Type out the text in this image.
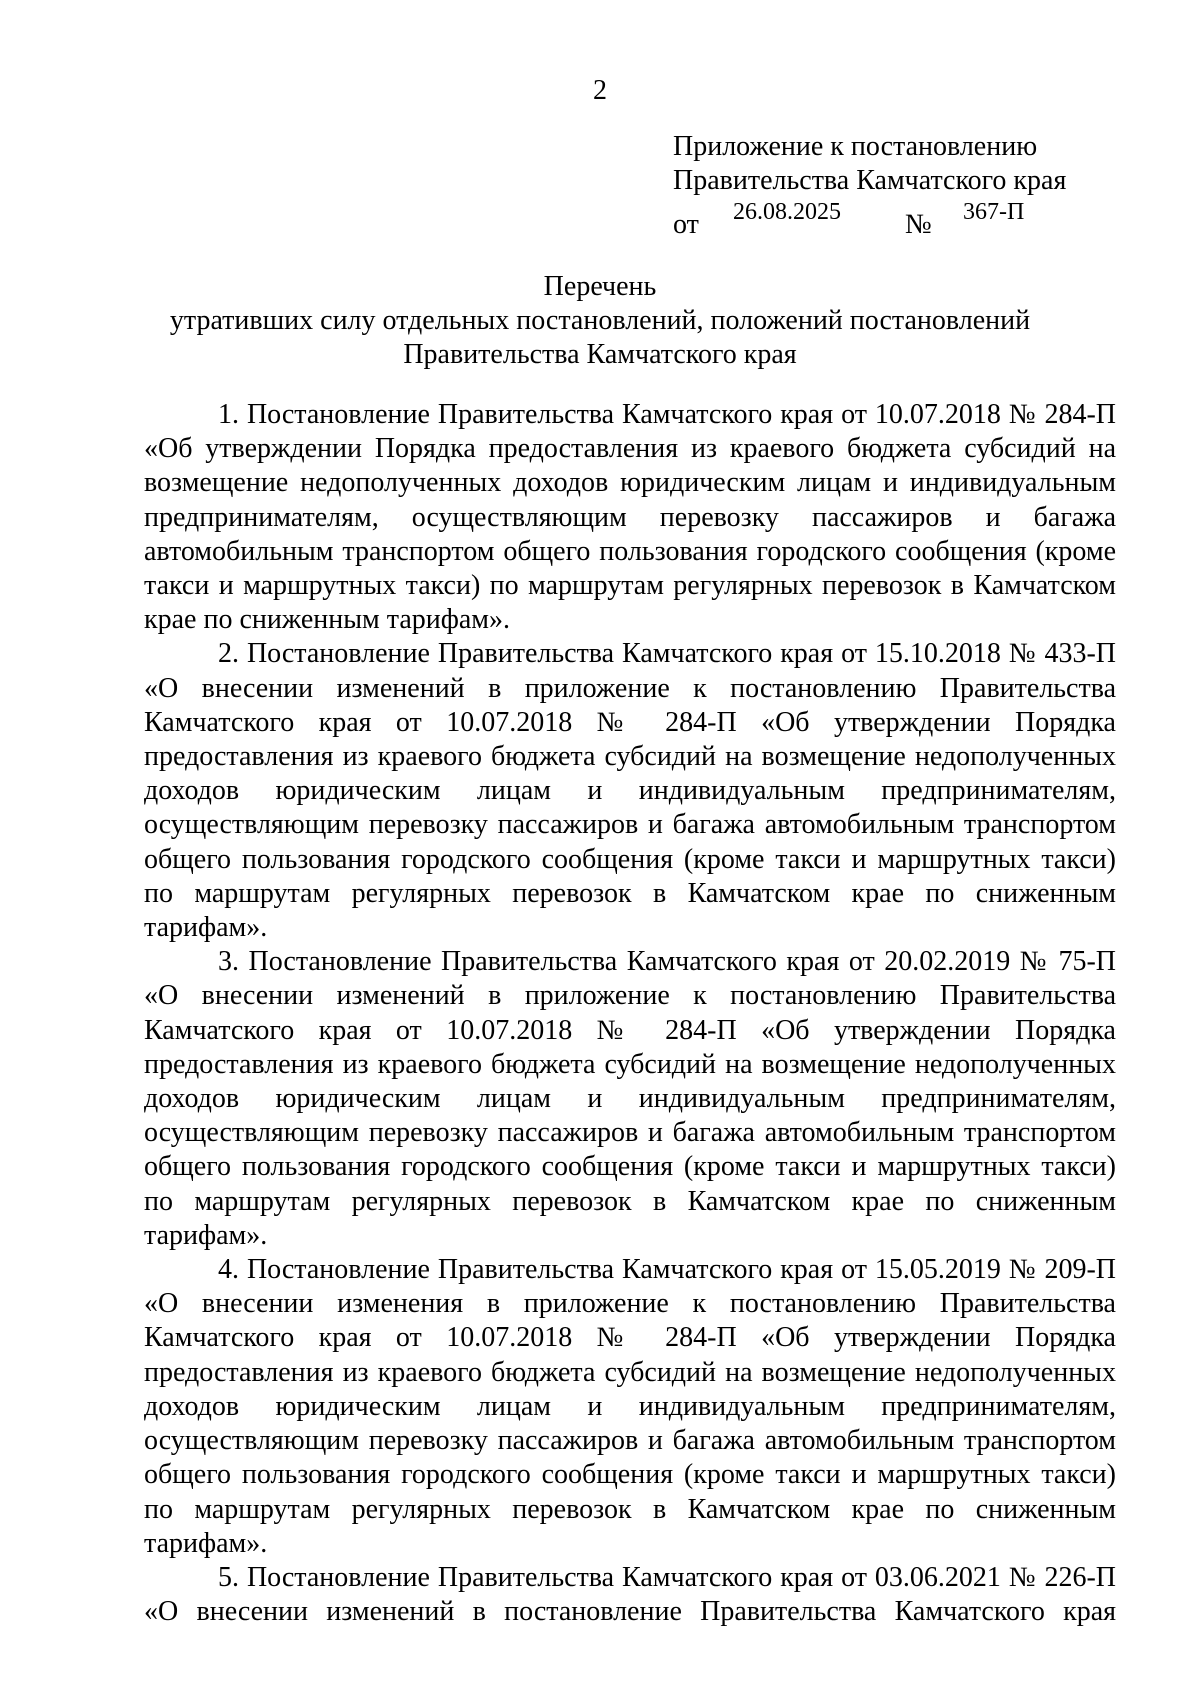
2
Приложение к постановлению
Правительства Камчатского края
от 26.08.2025 № 367-П
Перечень
утративших силу отдельных постановлений, положений постановлений
Правительства Камчатского края

1. Постановление Правительства Камчатского края от 10.07.2018 № 284-П «Об утверждении Порядка предоставления из краевого бюджета субсидий на возмещение недополученных доходов юридическим лицам и индивидуальным предпринимателям, осуществляющим перевозку пассажиров и багажа автомобильным транспортом общего пользования городского сообщения (кроме такси и маршрутных такси) по маршрутам регулярных перевозок в Камчатском крае по сниженным тарифам».

2. Постановление Правительства Камчатского края от 15.10.2018 № 433-П «О внесении изменений в приложение к постановлению Правительства Камчатского края от 10.07.2018 № 284-П «Об утверждении Порядка предоставления из краевого бюджета субсидий на возмещение недополученных доходов юридическим лицам и индивидуальным предпринимателям, осуществляющим перевозку пассажиров и багажа автомобильным транспортом общего пользования городского сообщения (кроме такси и маршрутных такси) по маршрутам регулярных перевозок в Камчатском крае по сниженным тарифам».

3. Постановление Правительства Камчатского края от 20.02.2019 № 75-П «О внесении изменений в приложение к постановлению Правительства Камчатского края от 10.07.2018 № 284-П «Об утверждении Порядка предоставления из краевого бюджета субсидий на возмещение недополученных доходов юридическим лицам и индивидуальным предпринимателям, осуществляющим перевозку пассажиров и багажа автомобильным транспортом общего пользования городского сообщения (кроме такси и маршрутных такси) по маршрутам регулярных перевозок в Камчатском крае по сниженным тарифам».

4. Постановление Правительства Камчатского края от 15.05.2019 № 209-П «О внесении изменения в приложение к постановлению Правительства Камчатского края от 10.07.2018 № 284-П «Об утверждении Порядка предоставления из краевого бюджета субсидий на возмещение недополученных доходов юридическим лицам и индивидуальным предпринимателям, осуществляющим перевозку пассажиров и багажа автомобильным транспортом общего пользования городского сообщения (кроме такси и маршрутных такси) по маршрутам регулярных перевозок в Камчатском крае по сниженным тарифам».

5. Постановление Правительства Камчатского края от 03.06.2021 № 226-П «О внесении изменений в постановление Правительства Камчатского края
